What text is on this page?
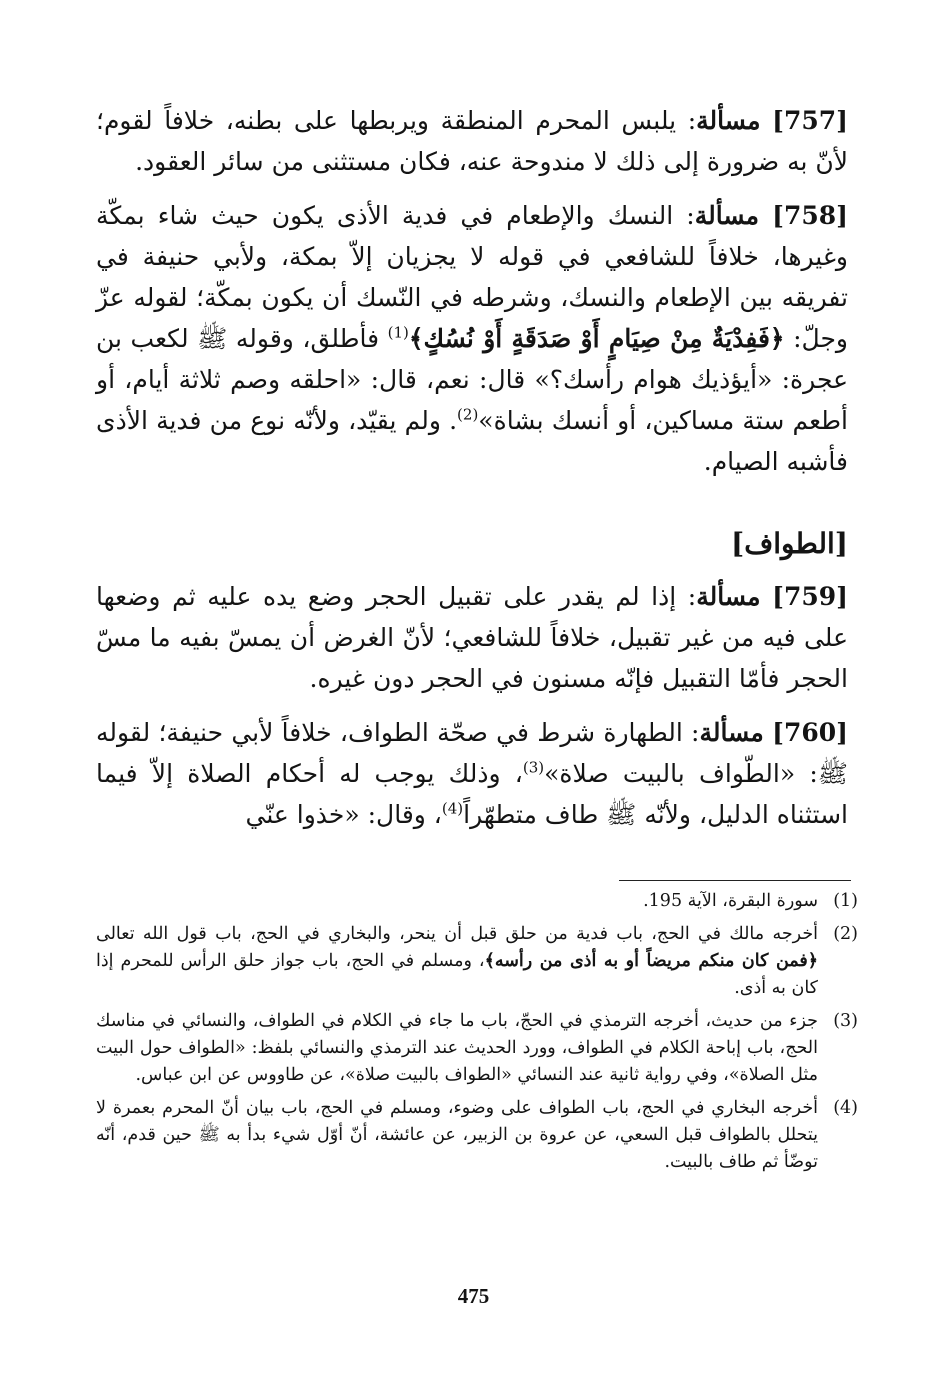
[757] مسألة: يلبس المحرم المنطقة ويربطها على بطنه، خلافاً لقوم؛ لأنّ به ضرورة إلى ذلك لا مندوحة عنه، فكان مستثنى من سائر العقود.

[758] مسألة: النسك والإطعام في فدية الأذى يكون حيث شاء بمكّة وغيرها، خلافاً للشافعي في قوله لا يجزيان إلاّ بمكة، ولأبي حنيفة في تفريقه بين الإطعام والنسك، وشرطه في النّسك أن يكون بمكّة؛ لقوله عزّ وجلّ: ﴿فَفِدْيَةٌ مِنْ صِيَامٍ أَوْ صَدَقَةٍ أَوْ نُسُكٍ﴾$^{(1)}$ فأطلق، وقوله ﷺ لكعب بن عجرة: «أيؤذيك هوام رأسك؟» قال: نعم، قال: «احلقه وصم ثلاثة أيام، أو أطعم ستة مساكين، أو أنسك بشاة»$^{(2)}$. ولم يقيّد، ولأنّه نوع من فدية الأذى فأشبه الصيام.

[الطواف]

[759] مسألة: إذا لم يقدر على تقبيل الحجر وضع يده عليه ثم وضعها على فيه من غير تقبيل، خلافاً للشافعي؛ لأنّ الغرض أن يمسّ بفيه ما مسّ الحجر فأمّا التقبيل فإنّه مسنون في الحجر دون غيره.

[760] مسألة: الطهارة شرط في صحّة الطواف، خلافاً لأبي حنيفة؛ لقوله ﷺ: «الطّواف بالبيت صلاة»$^{(3)}$، وذلك يوجب له أحكام الصلاة إلاّ فيما استثناه الدليل، ولأنّه ﷺ طاف متطهّراً$^{(4)}$، وقال: «خذوا عنّي

(1)
سورة البقرة، الآية 195.
(2)
أخرجه مالك في الحج، باب فدية من حلق قبل أن ينحر، والبخاري في الحج، باب قول الله تعالى ﴿فمن كان منكم مريضاً أو به أذى من رأسه﴾، ومسلم في الحج، باب جواز حلق الرأس للمحرم إذا كان به أذى.
(3)
جزء من حديث، أخرجه الترمذي في الحجّ، باب ما جاء في الكلام في الطواف، والنسائي في مناسك الحج، باب إباحة الكلام في الطواف، وورد الحديث عند الترمذي والنسائي بلفظ: «الطواف حول البيت مثل الصلاة»، وفي رواية ثانية عند النسائي «الطواف بالبيت صلاة»، عن طاووس عن ابن عباس.
(4)
أخرجه البخاري في الحج، باب الطواف على وضوء، ومسلم في الحج، باب بيان أنّ المحرم بعمرة لا يتحلل بالطواف قبل السعي، عن عروة بن الزبير، عن عائشة، أنّ أوّل شيء بدأ به ﷺ حين قدم، أنّه توضّأ ثم طاف بالبيت.
475
